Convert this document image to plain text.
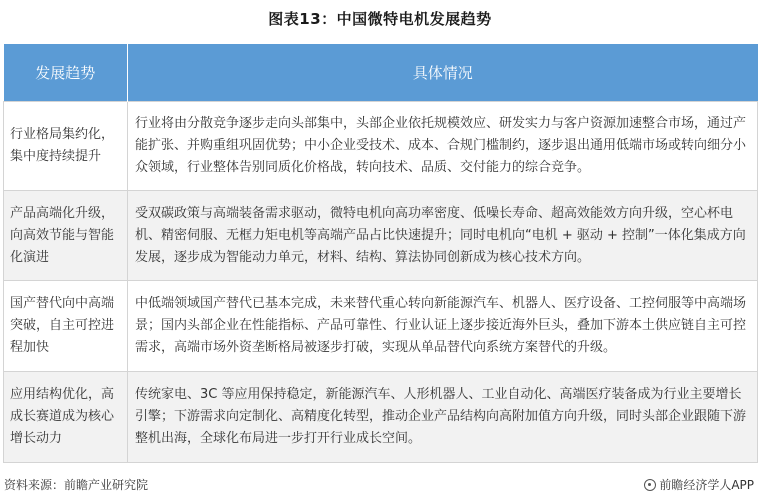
图表13：中国微特电机发展趋势
发展趋势	具体情况
行业格局集约化，集中度持续提升	行业将由分散竞争逐步走向头部集中，头部企业依托规模效应、研发实力与客户资源加速整合市场，通过产能扩张、并购重组巩固优势；中小企业受技术、成本、合规门槛制约，逐步退出通用低端市场或转向细分小众领域，行业整体告别同质化价格战，转向技术、品质、交付能力的综合竞争。
产品高端化升级，向高效节能与智能化演进	受双碳政策与高端装备需求驱动，微特电机向高功率密度、低噪长寿命、超高效能效方向升级，空心杯电机、精密伺服、无框力矩电机等高端产品占比快速提升；同时电机向“电机 + 驱动 + 控制”一体化集成方向发展，逐步成为智能动力单元，材料、结构、算法协同创新成为核心技术方向。
国产替代向中高端突破，自主可控进程加快	中低端领域国产替代已基本完成，未来替代重心转向新能源汽车、机器人、医疗设备、工控伺服等中高端场景；国内头部企业在性能指标、产品可靠性、行业认证上逐步接近海外巨头，叠加下游本土供应链自主可控需求，高端市场外资垄断格局被逐步打破，实现从单品替代向系统方案替代的升级。
应用结构优化，高成长赛道成为核心增长动力	传统家电、3C 等应用保持稳定，新能源汽车、人形机器人、工业自动化、高端医疗装备成为行业主要增长引擎；下游需求向定制化、高精度化转型，推动企业产品结构向高附加值方向升级，同时头部企业跟随下游整机出海，全球化布局进一步打开行业成长空间。
资料来源：前瞻产业研究院	前瞻经济学人APP
